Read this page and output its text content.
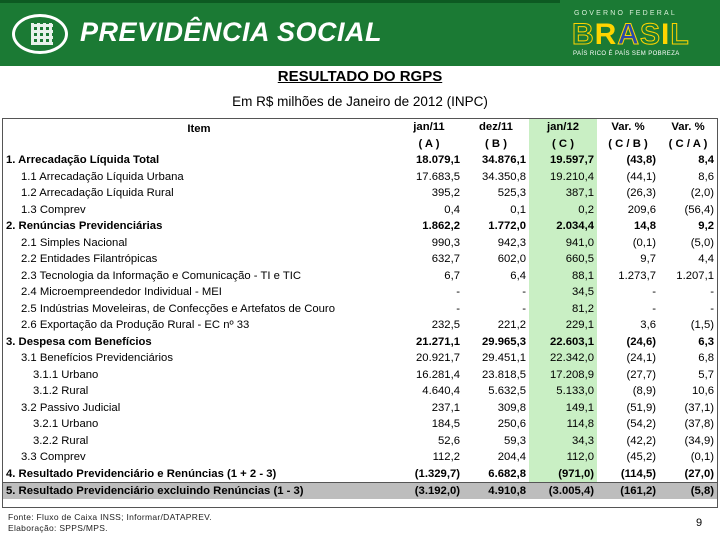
PREVIDÊNCIA SOCIAL
GOVERNO FEDERAL
BRASIL
PAÍS RICO É PAÍS SEM POBREZA
RESULTADO DO RGPS
Em R$ milhões de Janeiro de 2012 (INPC)
Item	jan/11	dez/11	jan/12	Var. %	Var. %
	( A )	( B )	( C )	( C / B )	( C / A )
1. Arrecadação Líquida Total	18.079,1	34.876,1	19.597,7	(43,8)	8,4
1.1 Arrecadação Líquida Urbana	17.683,5	34.350,8	19.210,4	(44,1)	8,6
1.2 Arrecadação Líquida Rural	395,2	525,3	387,1	(26,3)	(2,0)
1.3 Comprev	0,4	0,1	0,2	209,6	(56,4)
2. Renúncias Previdenciárias	1.862,2	1.772,0	2.034,4	14,8	9,2
2.1 Simples Nacional	990,3	942,3	941,0	(0,1)	(5,0)
2.2 Entidades Filantrópicas	632,7	602,0	660,5	9,7	4,4
2.3 Tecnologia da Informação e Comunicação - TI e TIC	6,7	6,4	88,1	1.273,7	1.207,1
2.4 Microempreendedor Individual - MEI	-	-	34,5	-	-
2.5 Indústrias Moveleiras, de Confecções e Artefatos de Couro	-	-	81,2	-	-
2.6 Exportação da Produção Rural - EC nº 33	232,5	221,2	229,1	3,6	(1,5)
3. Despesa com Benefícios	21.271,1	29.965,3	22.603,1	(24,6)	6,3
3.1 Benefícios Previdenciários	20.921,7	29.451,1	22.342,0	(24,1)	6,8
3.1.1 Urbano	16.281,4	23.818,5	17.208,9	(27,7)	5,7
3.1.2 Rural	4.640,4	5.632,5	5.133,0	(8,9)	10,6
3.2 Passivo Judicial	237,1	309,8	149,1	(51,9)	(37,1)
3.2.1 Urbano	184,5	250,6	114,8	(54,2)	(37,8)
3.2.2 Rural	52,6	59,3	34,3	(42,2)	(34,9)
3.3 Comprev	112,2	204,4	112,0	(45,2)	(0,1)
4. Resultado Previdenciário e Renúncias (1 + 2 - 3)	(1.329,7)	6.682,8	(971,0)	(114,5)	(27,0)
5. Resultado Previdenciário excluindo Renúncias (1 - 3)	(3.192,0)	4.910,8	(3.005,4)	(161,2)	(5,8)
Fonte: Fluxo de Caixa INSS; Informar/DATAPREV.
Elaboração: SPPS/MPS.	9
